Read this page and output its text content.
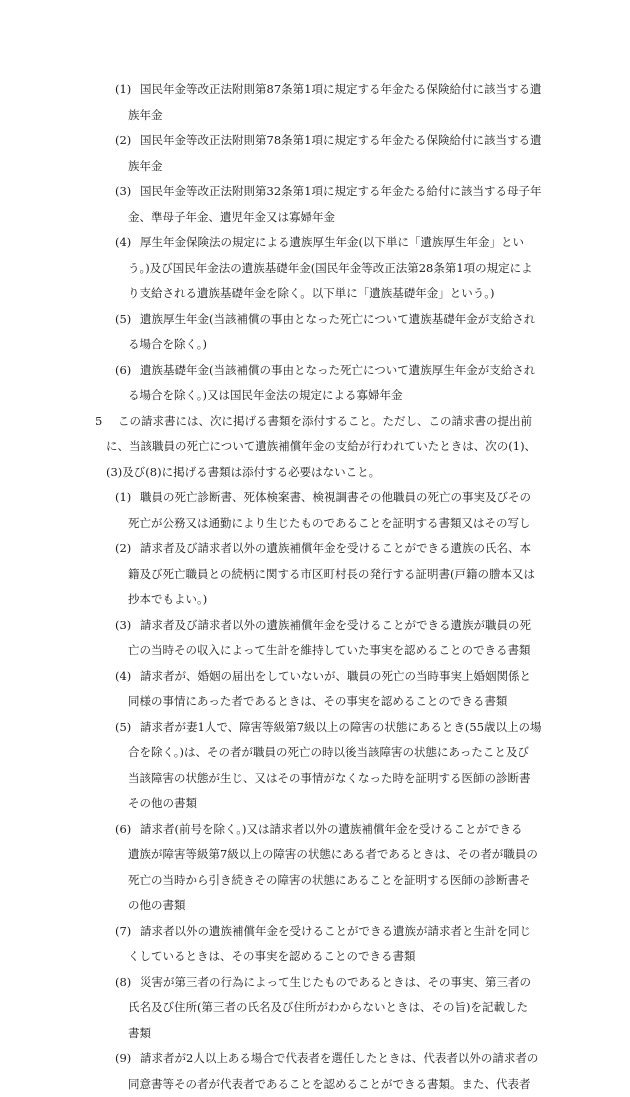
(1) 国民年金等改正法附則第87条第1項に規定する年金たる保険給付に該当する遺
族年金
(2) 国民年金等改正法附則第78条第1項に規定する年金たる保険給付に該当する遺
族年金
(3) 国民年金等改正法附則第32条第1項に規定する年金たる給付に該当する母子年
金、準母子年金、遺児年金又は寡婦年金
(4) 厚生年金保険法の規定による遺族厚生年金(以下単に「遺族厚生年金」とい
う。)及び国民年金法の遺族基礎年金(国民年金等改正法第28条第1項の規定によ
り支給される遺族基礎年金を除く。以下単に「遺族基礎年金」という。)
(5) 遺族厚生年金(当該補償の事由となった死亡について遺族基礎年金が支給され
る場合を除く。)
(6) 遺族基礎年金(当該補償の事由となった死亡について遺族厚生年金が支給され
る場合を除く。)又は国民年金法の規定による寡婦年金
5 この請求書には、次に掲げる書類を添付すること。ただし、この請求書の提出前
に、当該職員の死亡について遺族補償年金の支給が行われていたときは、次の(1)、
(3)及び(8)に掲げる書類は添付する必要はないこと。
(1) 職員の死亡診断書、死体検案書、検視調書その他職員の死亡の事実及びその
死亡が公務又は通勤により生じたものであることを証明する書類又はその写し
(2) 請求者及び請求者以外の遺族補償年金を受けることができる遺族の氏名、本
籍及び死亡職員との続柄に関する市区町村長の発行する証明書(戸籍の謄本又は
抄本でもよい。)
(3) 請求者及び請求者以外の遺族補償年金を受けることができる遺族が職員の死
亡の当時その収入によって生計を維持していた事実を認めることのできる書類
(4) 請求者が、婚姻の届出をしていないが、職員の死亡の当時事実上婚姻関係と
同様の事情にあった者であるときは、その事実を認めることのできる書類
(5) 請求者が妻1人で、障害等級第7級以上の障害の状態にあるとき(55歳以上の場
合を除く。)は、その者が職員の死亡の時以後当該障害の状態にあったこと及び
当該障害の状態が生じ、又はその事情がなくなった時を証明する医師の診断書
その他の書類
(6) 請求者(前号を除く。)又は請求者以外の遺族補償年金を受けることができる
遺族が障害等級第7級以上の障害の状態にある者であるときは、その者が職員の
死亡の当時から引き続きその障害の状態にあることを証明する医師の診断書そ
の他の書類
(7) 請求者以外の遺族補償年金を受けることができる遺族が請求者と生計を同じ
くしているときは、その事実を認めることのできる書類
(8) 災害が第三者の行為によって生じたものであるときは、その事実、第三者の
氏名及び住所(第三者の氏名及び住所がわからないときは、その旨)を記載した
書類
(9) 請求者が2人以上ある場合で代表者を選任したときは、代表者以外の請求者の
同意書等その者が代表者であることを認めることができる書類。また、代表者
